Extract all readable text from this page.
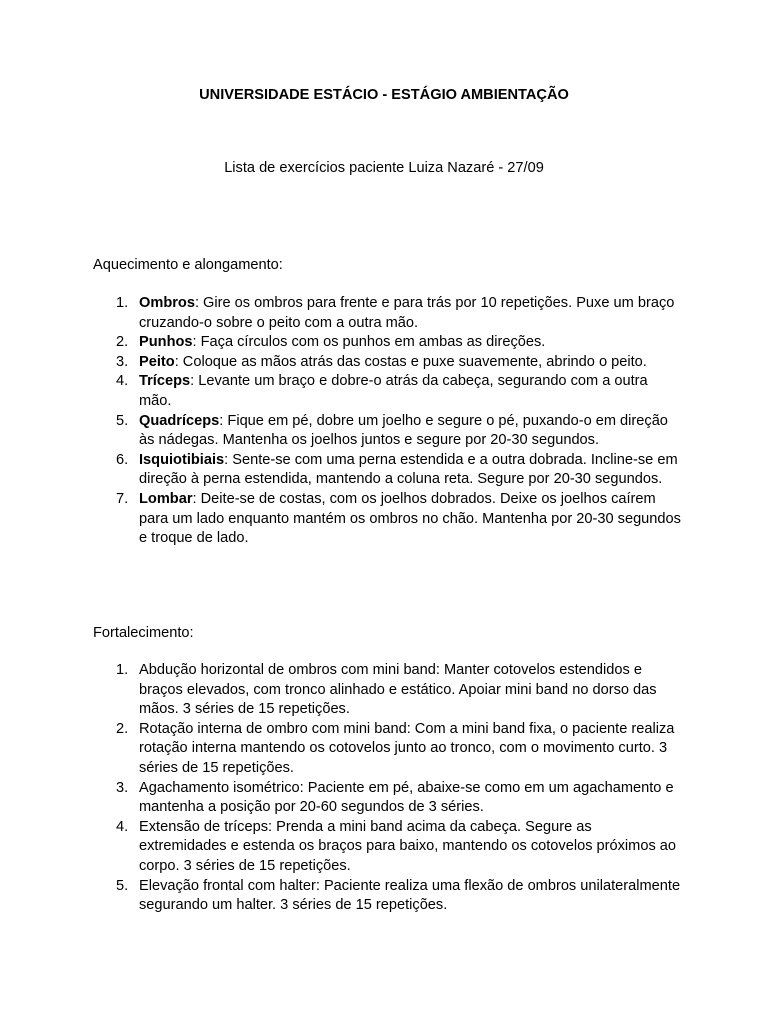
UNIVERSIDADE ESTÁCIO - ESTÁGIO AMBIENTAÇÃO
Lista de exercícios paciente Luiza Nazaré - 27/09
Aquecimento e alongamento:
1. Ombros: Gire os ombros para frente e para trás por 10 repetições. Puxe um braço cruzando-o sobre o peito com a outra mão.
2. Punhos: Faça círculos com os punhos em ambas as direções.
3. Peito: Coloque as mãos atrás das costas e puxe suavemente, abrindo o peito.
4. Tríceps: Levante um braço e dobre-o atrás da cabeça, segurando com a outra mão.
5. Quadríceps: Fique em pé, dobre um joelho e segure o pé, puxando-o em direção às nádegas. Mantenha os joelhos juntos e segure por 20-30 segundos.
6. Isquiotibiais: Sente-se com uma perna estendida e a outra dobrada. Incline-se em direção à perna estendida, mantendo a coluna reta. Segure por 20-30 segundos.
7. Lombar: Deite-se de costas, com os joelhos dobrados. Deixe os joelhos caírem para um lado enquanto mantém os ombros no chão. Mantenha por 20-30 segundos e troque de lado.
Fortalecimento:
1. Abdução horizontal de ombros com mini band: Manter cotovelos estendidos e braços elevados, com tronco alinhado e estático. Apoiar mini band no dorso das mãos. 3 séries de 15 repetições.
2. Rotação interna de ombro com mini band: Com a mini band fixa, o paciente realiza rotação interna mantendo os cotovelos junto ao tronco, com o movimento curto. 3 séries de 15 repetições.
3. Agachamento isométrico: Paciente em pé, abaixe-se como em um agachamento e mantenha a posição por 20-60 segundos de 3 séries.
4. Extensão de tríceps: Prenda a mini band acima da cabeça. Segure as extremidades e estenda os braços para baixo, mantendo os cotovelos próximos ao corpo. 3 séries de 15 repetições.
5. Elevação frontal com halter: Paciente realiza uma flexão de ombros unilateralmente segurando um halter. 3 séries de 15 repetições.
